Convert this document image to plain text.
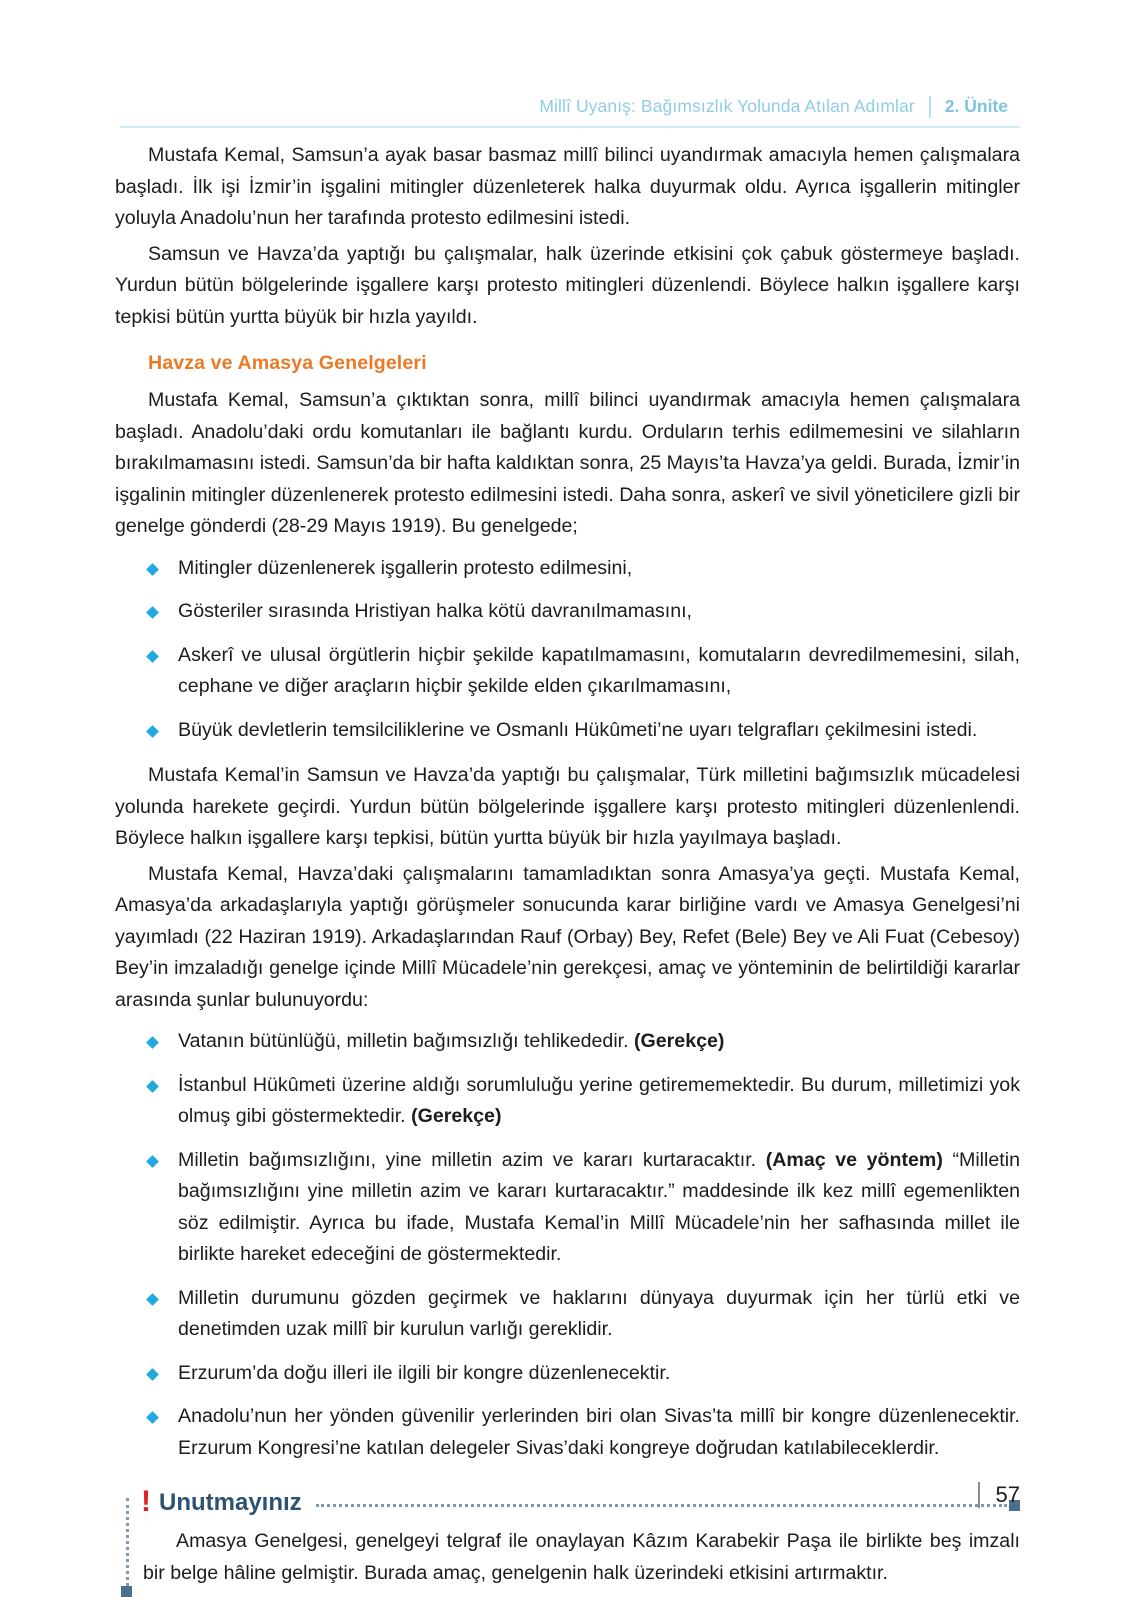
Millî Uyanış: Bağımsızlık Yolunda Atılan Adımlar 2. Ünite

Mustafa Kemal, Samsun’a ayak basar basmaz millî bilinci uyandırmak amacıyla hemen çalışmalara başladı. İlk işi İzmir’in işgalini mitingler düzenleterek halka duyurmak oldu. Ayrıca işgallerin mitingler yoluyla Anadolu’nun her tarafında protesto edilmesini istedi.

Samsun ve Havza’da yaptığı bu çalışmalar, halk üzerinde etkisini çok çabuk göstermeye başladı. Yurdun bütün bölgelerinde işgallere karşı protesto mitingleri düzenlendi. Böylece halkın işgallere karşı tepkisi bütün yurtta büyük bir hızla yayıldı.

Havza ve Amasya Genelgeleri

Mustafa Kemal, Samsun’a çıktıktan sonra, millî bilinci uyandırmak amacıyla hemen çalışmalara başladı. Anadolu’daki ordu komutanları ile bağlantı kurdu. Orduların terhis edilmemesini ve silahların bırakılmamasını istedi. Samsun’da bir hafta kaldıktan sonra, 25 Mayıs’ta Havza’ya geldi. Burada, İzmir’in işgalinin mitingler düzenlenerek protesto edilmesini istedi. Daha sonra, askerî ve sivil yöneticilere gizli bir genelge gönderdi (28-29 Mayıs 1919). Bu genelgede;

Mitingler düzenlenerek işgallerin protesto edilmesini,
Gösteriler sırasında Hristiyan halka kötü davranılmamasını,
Askerî ve ulusal örgütlerin hiçbir şekilde kapatılmamasını, komutaların devredilmemesini, silah, cephane ve diğer araçların hiçbir şekilde elden çıkarılmamasını,
Büyük devletlerin temsilciliklerine ve Osmanlı Hükûmeti’ne uyarı telgrafları çekilmesini istedi.

Mustafa Kemal’in Samsun ve Havza’da yaptığı bu çalışmalar, Türk milletini bağımsızlık mücadelesi yolunda harekete geçirdi. Yurdun bütün bölgelerinde işgallere karşı protesto mitingleri düzenlenlendi. Böylece halkın işgallere karşı tepkisi, bütün yurtta büyük bir hızla yayılmaya başladı.

Mustafa Kemal, Havza’daki çalışmalarını tamamladıktan sonra Amasya’ya geçti. Mustafa Kemal, Amasya’da arkadaşlarıyla yaptığı görüşmeler sonucunda karar birliğine vardı ve Amasya Genelgesi’ni yayımladı (22 Haziran 1919). Arkadaşlarından Rauf (Orbay) Bey, Refet (Bele) Bey ve Ali Fuat (Cebesoy) Bey’in imzaladığı genelge içinde Millî Mücadele’nin gerekçesi, amaç ve yönteminin de belirtildiği kararlar arasında şunlar bulunuyordu:

Vatanın bütünlüğü, milletin bağımsızlığı tehlikededir. (Gerekçe)
İstanbul Hükûmeti üzerine aldığı sorumluluğu yerine getirememektedir. Bu durum, milletimizi yok olmuş gibi göstermektedir. (Gerekçe)
Milletin bağımsızlığını, yine milletin azim ve kararı kurtaracaktır. (Amaç ve yöntem) “Milletin bağımsızlığını yine milletin azim ve kararı kurtaracaktır.” maddesinde ilk kez millî egemenlikten söz edilmiştir. Ayrıca bu ifade, Mustafa Kemal’in Millî Mücadele’nin her safhasında millet ile birlikte hareket edeceğini de göstermektedir.
Milletin durumunu gözden geçirmek ve haklarını dünyaya duyurmak için her türlü etki ve denetimden uzak millî bir kurulun varlığı gereklidir.
Erzurum’da doğu illeri ile ilgili bir kongre düzenlenecektir.
Anadolu’nun her yönden güvenilir yerlerinden biri olan Sivas’ta millî bir kongre düzenlenecektir. Erzurum Kongresi’ne katılan delegeler Sivas’daki kongreye doğrudan katılabileceklerdir.
! Unutmayınız

Amasya Genelgesi, genelgeyi telgraf ile onaylayan Kâzım Karabekir Paşa ile birlikte beş imzalı bir belge hâline gelmiştir. Burada amaç, genelgenin halk üzerindeki etkisini artırmaktır.

57
